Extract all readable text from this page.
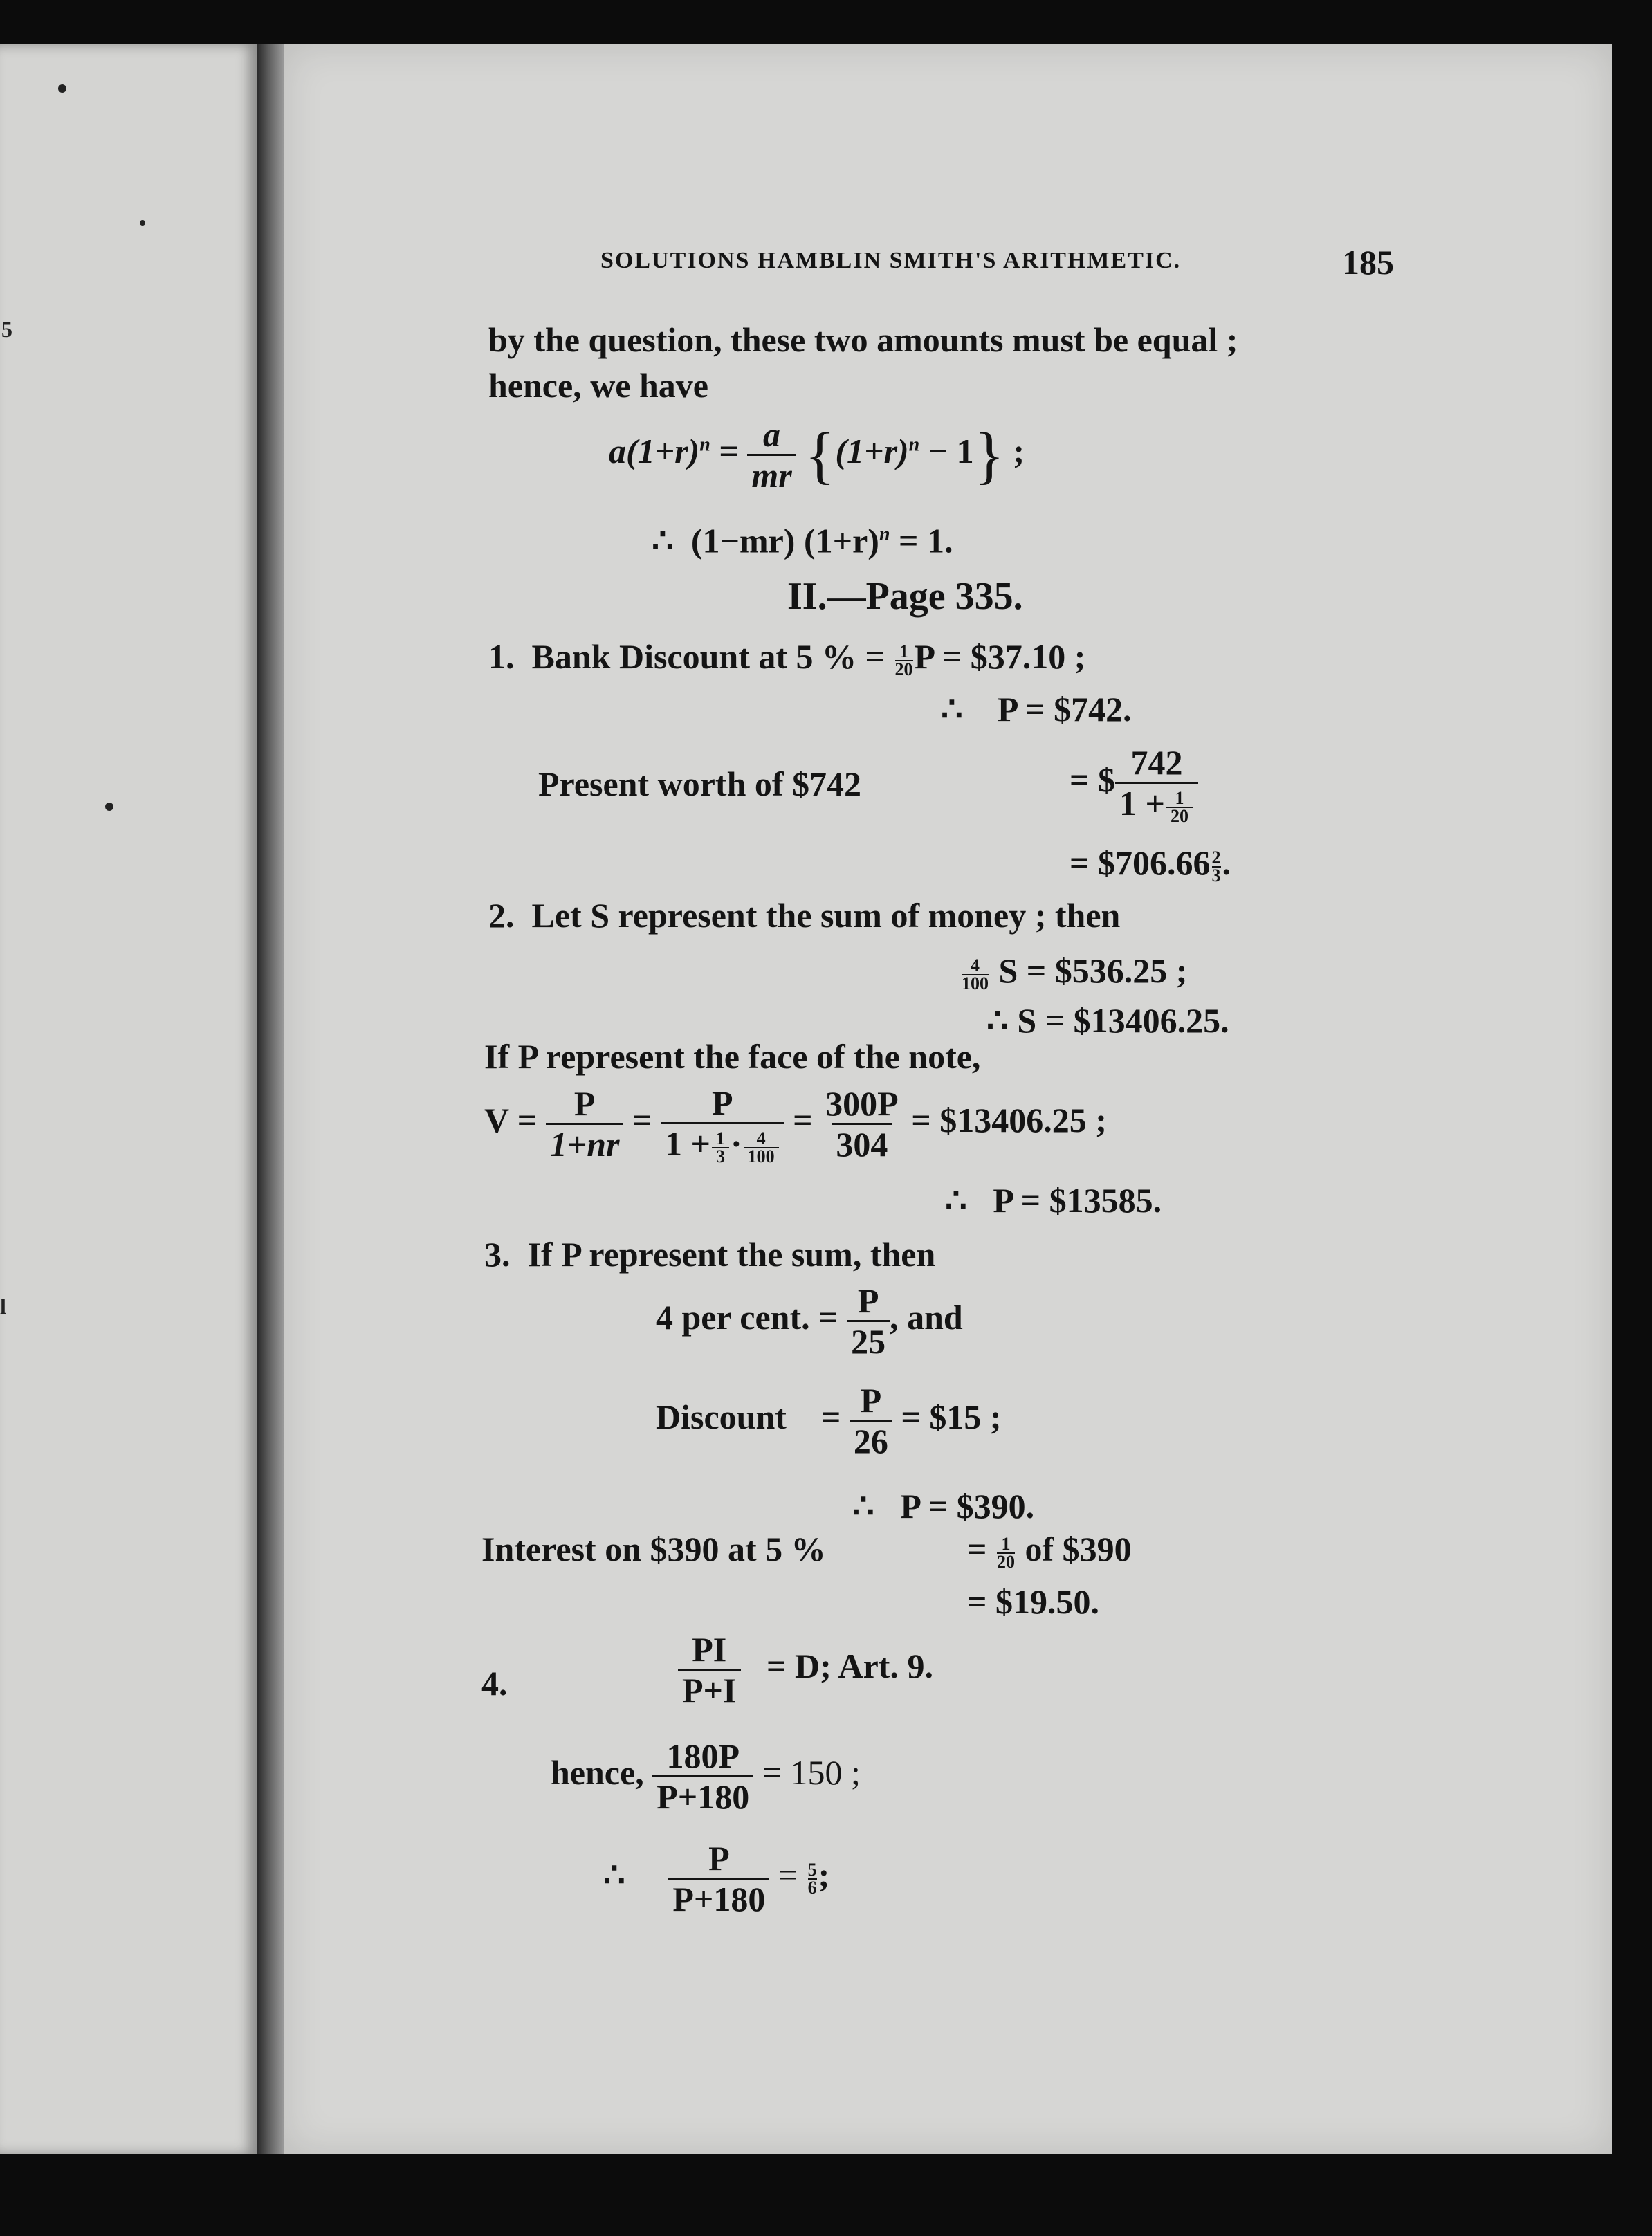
5
l
SOLUTIONS HAMBLIN SMITH'S ARITHMETIC.	185
by the question, these two amounts must be equal ;
hence, we have
$a(1+r)^n = \frac{a}{mr} \{(1+r)^n - 1\}$ ;
∴ (1−mr) $(1+r)^n = 1$.
II.—Page 335.
1. Bank Discount at 5 % = $\frac{1}{20}$ P = $37.10 ;
∴ P = $742.
Present worth of $742	= $ $\frac{742}{1 + \frac{1}{20}}$
= $706.66 $\frac{2}{3}$ .
2. Let S represent the sum of money ; then
$\frac{4}{100}$ S = $536.25 ;
∴ S = $13406.25.
If P represent the face of the note,
$V = \frac{P}{1+nr} = \frac{P}{1 + \frac{1}{3} \cdot \frac{4}{100}} = \frac{300P}{304}$ = $13406.25 ;
∴ P = $13585.
3. If P represent the sum, then
4 per cent. = $\frac{P}{25}$ , and
Discount = $\frac{P}{26}$ = $15 ;
∴ P = $390.
Interest on $390 at 5 %	= $\frac{1}{20}$ of $390
= $19.50.
4.	$\frac{PI}{P+I} = D$; Art. 9.
hence, $\frac{180P}{P+180} = 150$ ;
∴ $\frac{P}{P+180} = \frac{5}{6}$ ;
